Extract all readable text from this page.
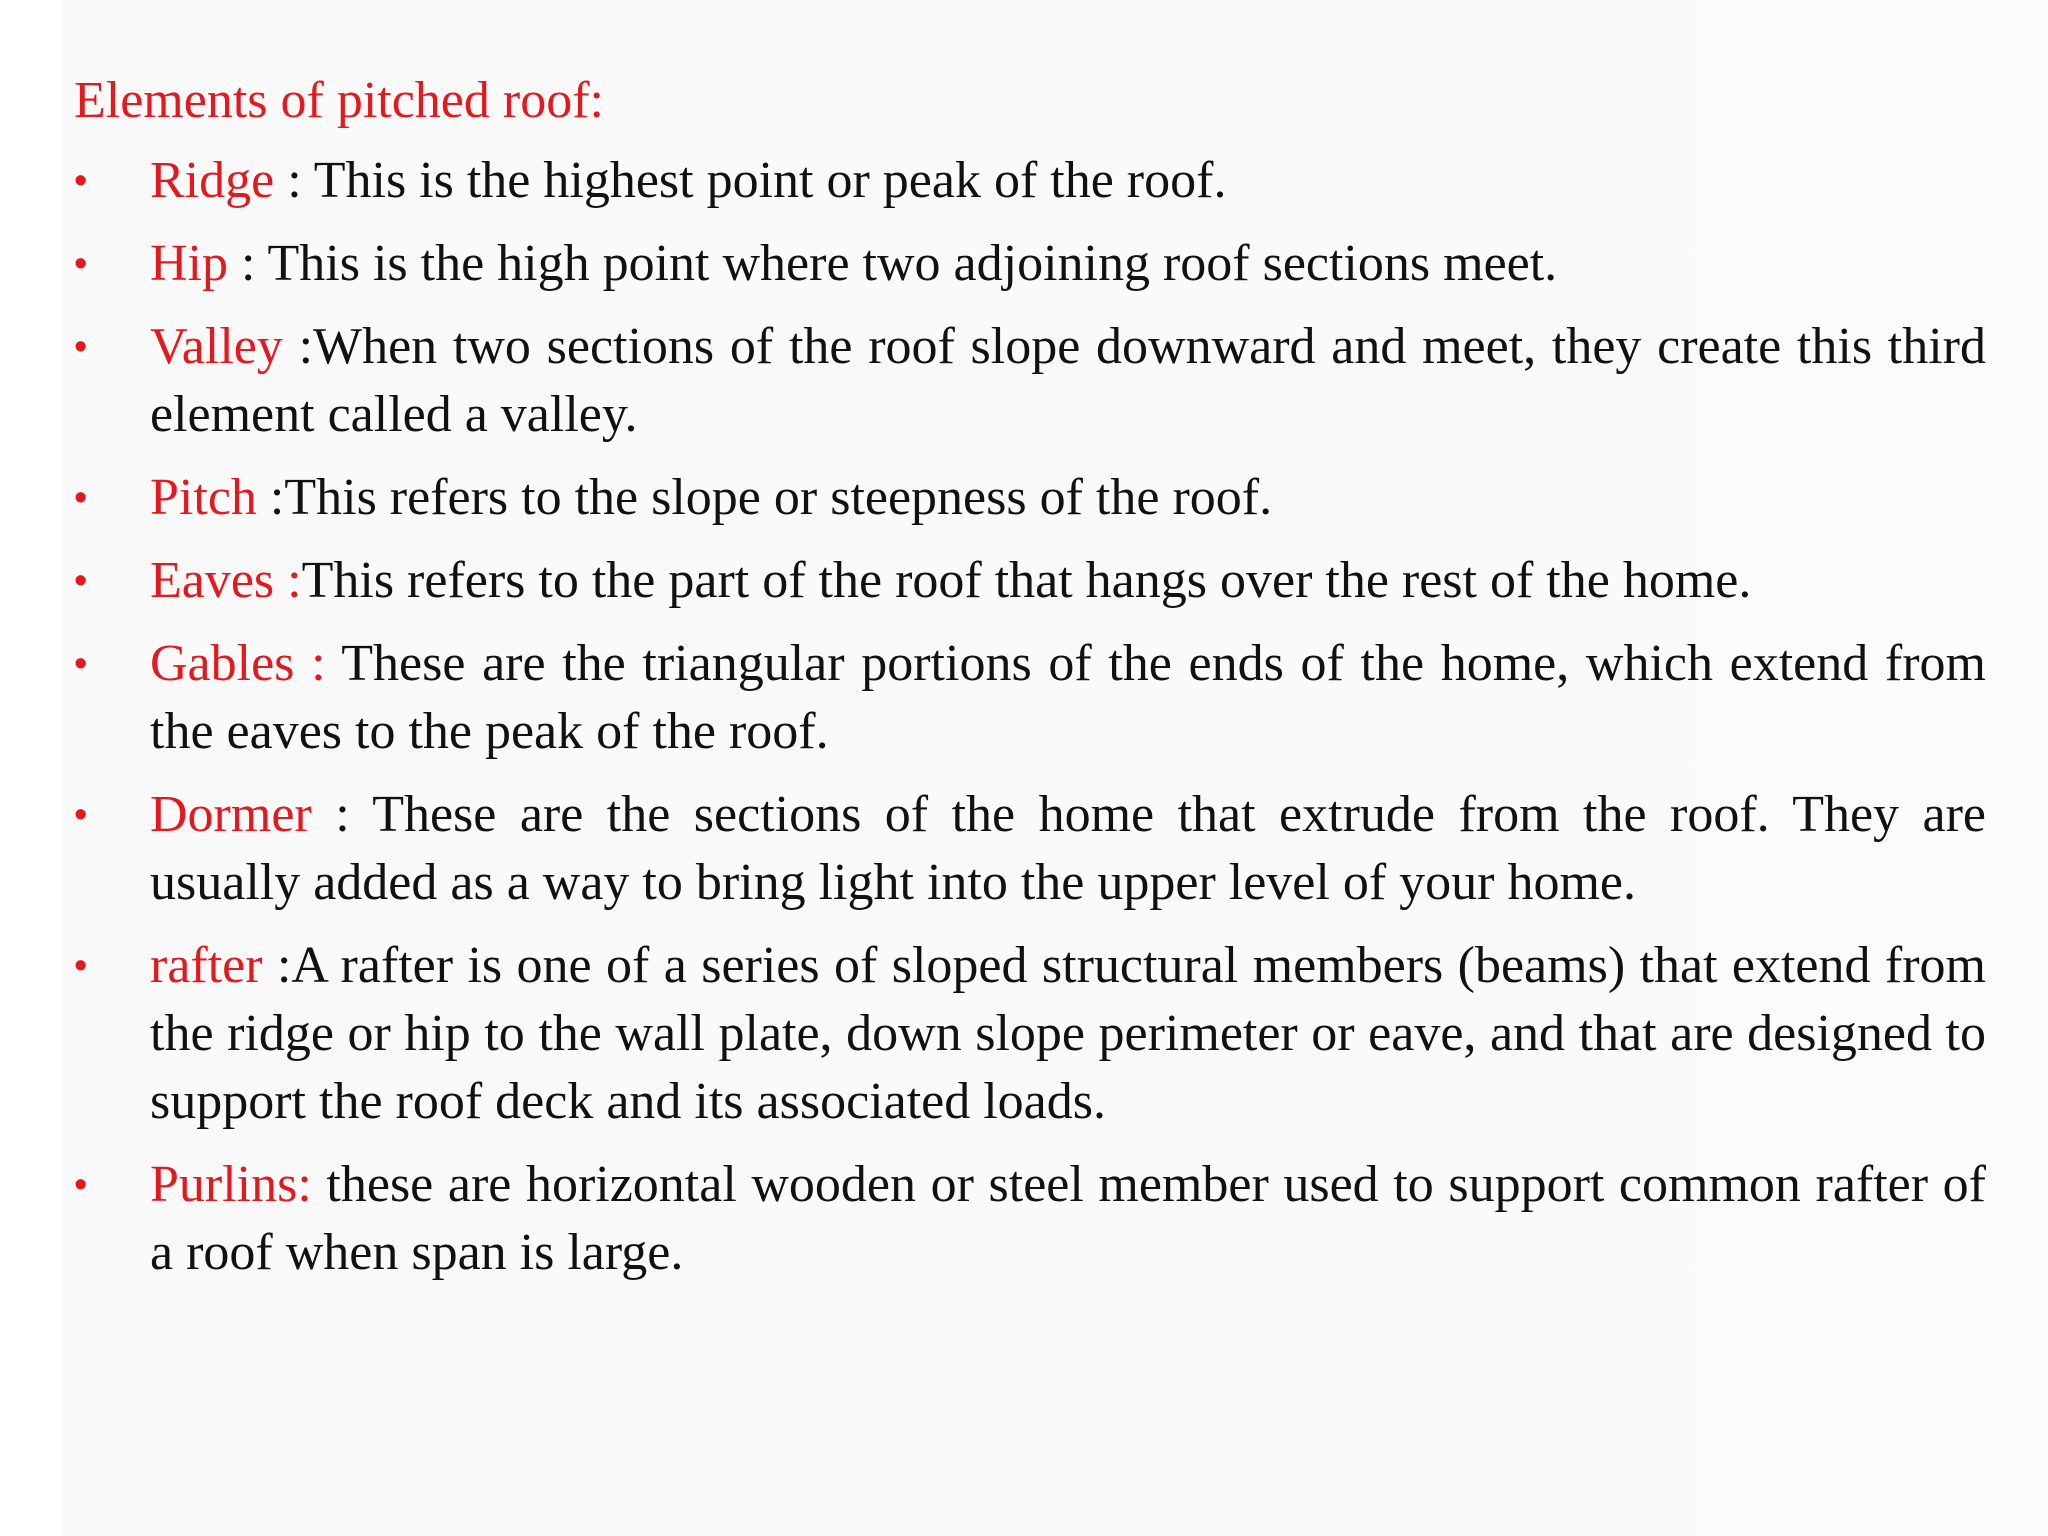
Elements of pitched roof:
• Ridge : This is the highest point or peak of the roof.
• Hip : This is the high point where two adjoining roof sections meet.
• Valley :When two sections of the roof slope downward and meet, they create this third element called a valley.
• Pitch :This refers to the slope or steepness of the roof.
• Eaves :This refers to the part of the roof that hangs over the rest of the home.
• Gables : These are the triangular portions of the ends of the home, which extend from the eaves to the peak of the roof.
• Dormer : These are the sections of the home that extrude from the roof. They are usually added as a way to bring light into the upper level of your home.
• rafter :A rafter is one of a series of sloped structural members (beams) that extend from the ridge or hip to the wall plate, down slope perimeter or eave, and that are designed to support the roof deck and its associated loads.
• Purlins: these are horizontal wooden or steel member used to support common rafter of a roof when span is large.
